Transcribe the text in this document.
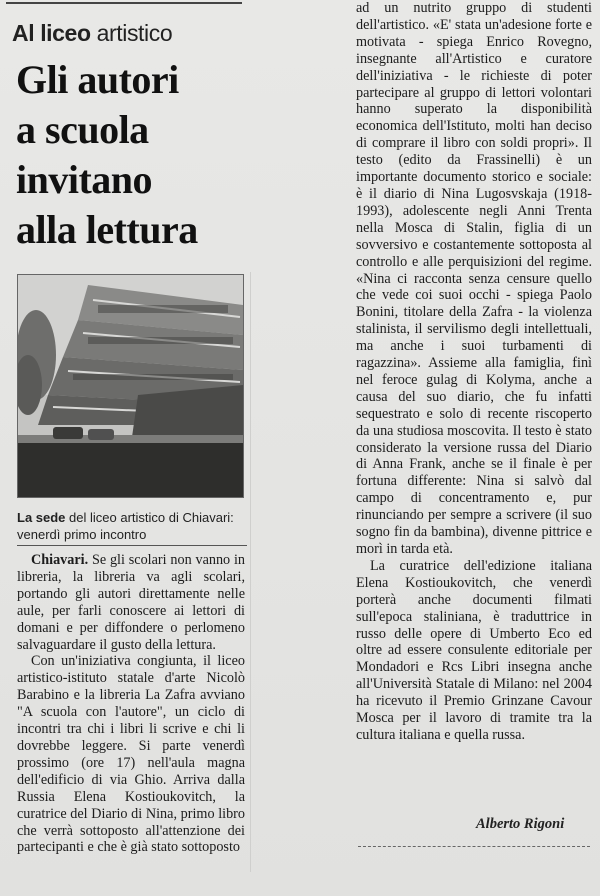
Al liceo artistico
Gli autori
a scuola
invitano
alla lettura
La sede del liceo artistico di Chiavari: venerdì primo incontro

Chiavari. Se gli scolari non vanno in libreria, la libreria va agli scolari, portando gli autori direttamente nelle aule, per farli conoscere ai lettori di domani e per diffondere o perlomeno salvaguardare il gusto della lettura.

Con un'iniziativa congiunta, il liceo artistico-istituto statale d'arte Nicolò Barabino e la libreria La Zafra avviano "A scuola con l'autore", un ciclo di incontri tra chi i libri li scrive e chi li dovrebbe leggere. Si parte venerdì prossimo (ore 17) nell'aula magna dell'edificio di via Ghio. Arriva dalla Russia Elena Kostioukovitch, la curatrice del Diario di Nina, primo libro che verrà sottoposto all'attenzione dei partecipanti e che è già stato sottoposto

ad un nutrito gruppo di studenti dell'artistico. «E' stata un'adesione forte e motivata - spiega Enrico Rovegno, insegnante all'Artistico e curatore dell'iniziativa - le richieste di poter partecipare al gruppo di lettori volontari hanno superato la disponibilità economica dell'Istituto, molti han deciso di comprare il libro con soldi propri». Il testo (edito da Frassinelli) è un importante documento storico e sociale: è il diario di Nina Lugosvskaja (1918-1993), adolescente negli Anni Trenta nella Mosca di Stalin, figlia di un sovversivo e costantemente sottoposta al controllo e alle perquisizioni del regime. «Nina ci racconta senza censure quello che vede coi suoi occhi - spiega Paolo Bonini, titolare della Zafra - la violenza stalinista, il servilismo degli intellettuali, ma anche i suoi turbamenti di ragazzina». Assieme alla famiglia, finì nel feroce gulag di Kolyma, anche a causa del suo diario, che fu infatti sequestrato e solo di recente riscoperto da una studiosa moscovita. Il testo è stato considerato la versione russa del Diario di Anna Frank, anche se il finale è per fortuna differente: Nina si salvò dal campo di concentramento e, pur rinunciando per sempre a scrivere (il suo sogno fin da bambina), divenne pittrice e morì in tarda età.

La curatrice dell'edizione italiana Elena Kostioukovitch, che venerdì porterà anche documenti filmati sull'epoca staliniana, è traduttrice in russo delle opere di Umberto Eco ed oltre ad essere consulente editoriale per Mondadori e Rcs Libri insegna anche all'Università Statale di Milano: nel 2004 ha ricevuto il Premio Grinzane Cavour Mosca per il lavoro di tramite tra la cultura italiana e quella russa.

Alberto Rigoni
